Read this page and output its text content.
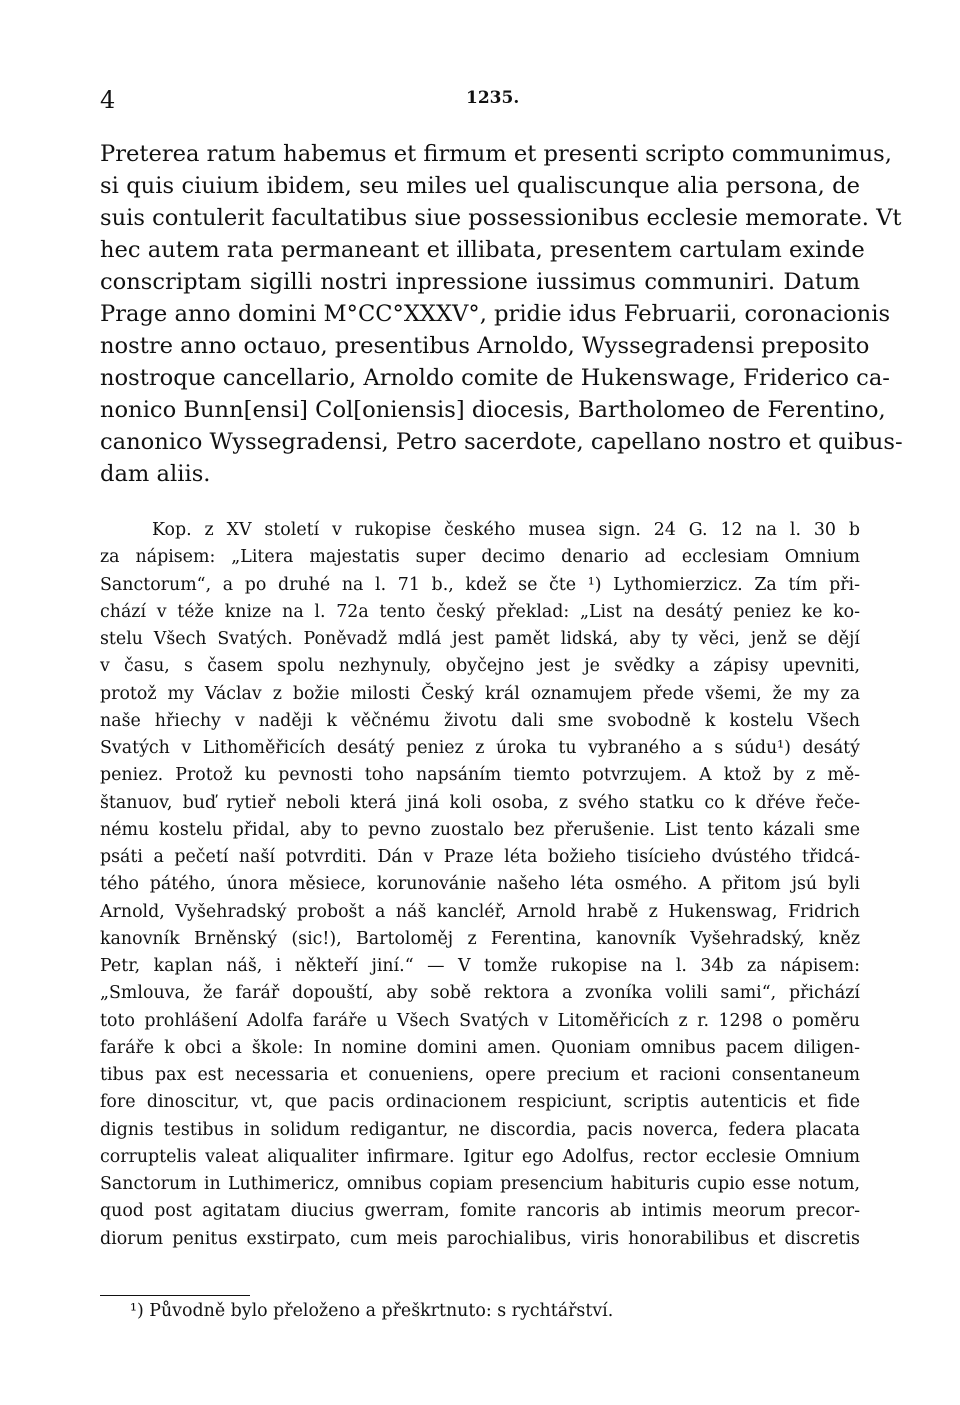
4	1235.
Preterea ratum habemus et firmum et presenti scripto communimus,
si quis ciuium ibidem, seu miles uel qualiscunque alia persona, de
suis contulerit facultatibus siue possessionibus ecclesie memorate. Vt
hec autem rata permaneant et illibata, presentem cartulam exinde
conscriptam sigilli nostri inpressione iussimus communiri. Datum
Prage anno domini M°CC°XXXV°, pridie idus Februarii, coronacionis
nostre anno octauo, presentibus Arnoldo, Wyssegradensi preposito
nostroque cancellario, Arnoldo comite de Hukenswage, Friderico ca-
nonico Bunn[ensi] Col[oniensis] diocesis, Bartholomeo de Ferentino,
canonico Wyssegradensi, Petro sacerdote, capellano nostro et quibus-
dam aliis.
Kop. z XV století v rukopise českého musea sign. 24 G. 12 na l. 30 b
za nápisem: „Litera majestatis super decimo denario ad ecclesiam Omnium
Sanctorum“, a po druhé na l. 71 b., kdež se čte ¹) Lythomierzicz. Za tím při-
chází v téže knize na l. 72a tento český překlad: „List na desátý peniez ke ko-
stelu Všech Svatých. Poněvadž mdlá jest pamět lidská, aby ty věci, jenž se dějí
v času, s časem spolu nezhynuly, obyčejno jest je svědky a zápisy upevniti,
protož my Václav z božie milosti Český král oznamujem přede všemi, že my za
naše hřiechy v naději k věčnému životu dali sme svobodně k kostelu Všech
Svatých v Lithoměřicích desátý peniez z úroka tu vybraného a s súdu¹) desátý
peniez. Protož ku pevnosti toho napsáním tiemto potvrzujem. A ktož by z mě-
štanuov, buď rytieř neboli která jiná koli osoba, z svého statku co k dřéve řeče-
nému kostelu přidal, aby to pevno zuostalo bez přerušenie. List tento kázali sme
psáti a pečetí naší potvrditi. Dán v Praze léta božieho tisícieho dvústého třidcá-
tého pátého, února měsiece, korunovánie našeho léta osmého. A přitom jsú byli
Arnold, Vyšehradský probošt a náš kancléř, Arnold hrabě z Hukenswag, Fridrich
kanovník Brněnský (sic!), Bartoloměj z Ferentina, kanovník Vyšehradský, kněz
Petr, kaplan náš, i někteří jiní.“ — V tomže rukopise na l. 34b za nápisem:
„Smlouva, že farář dopouští, aby sobě rektora a zvoníka volili sami“, přichází
toto prohlášení Adolfa faráře u Všech Svatých v Litoměřicích z r. 1298 o poměru
faráře k obci a škole: In nomine domini amen. Quoniam omnibus pacem diligen-
tibus pax est necessaria et conueniens, opere precium et racioni consentaneum
fore dinoscitur, vt, que pacis ordinacionem respiciunt, scriptis autenticis et fide
dignis testibus in solidum redigantur, ne discordia, pacis noverca, federa placata
corruptelis valeat aliqualiter infirmare. Igitur ego Adolfus, rector ecclesie Omnium
Sanctorum in Luthimericz, omnibus copiam presencium habituris cupio esse notum,
quod post agitatam diucius gwerram, fomite rancoris ab intimis meorum precor-
diorum penitus exstirpato, cum meis parochialibus, viris honorabilibus et discretis
¹) Původně bylo přeloženo a přeškrtnuto: s rychtářství.
